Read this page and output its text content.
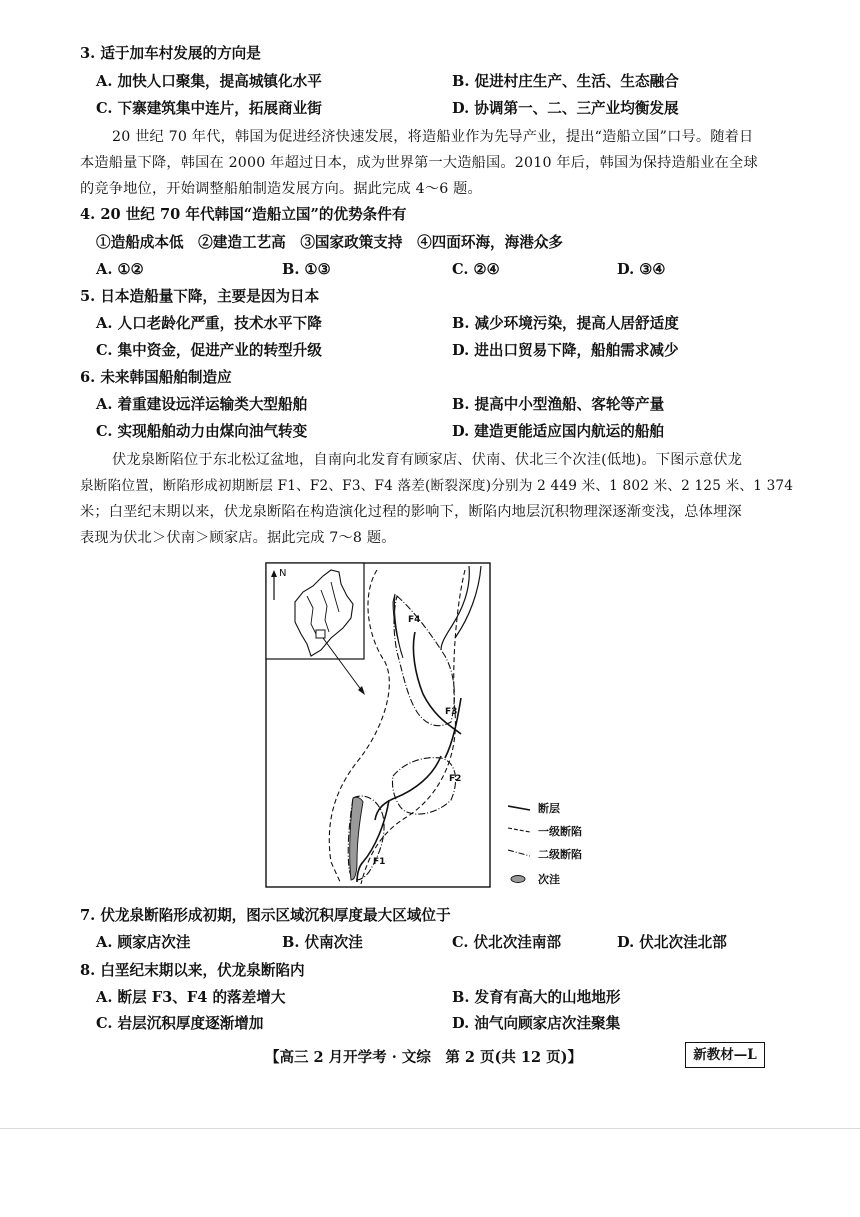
3. 适于加车村发展的方向是
A. 加快人口聚集，提高城镇化水平	B. 促进村庄生产、生活、生态融合
C. 下寨建筑集中连片，拓展商业街	D. 协调第一、二、三产业均衡发展
20 世纪 70 年代，韩国为促进经济快速发展，将造船业作为先导产业，提出“造船立国”口号。随着日
本造船量下降，韩国在 2000 年超过日本，成为世界第一大造船国。2010 年后，韩国为保持造船业在全球
的竞争地位，开始调整船舶制造发展方向。据此完成 4～6 题。
4. 20 世纪 70 年代韩国“造船立国”的优势条件有
①造船成本低　②建造工艺高　③国家政策支持　④四面环海，海港众多
A. ①②	B. ①③	C. ②④	D. ③④
5. 日本造船量下降，主要是因为日本
A. 人口老龄化严重，技术水平下降	B. 减少环境污染，提高人居舒适度
C. 集中资金，促进产业的转型升级	D. 进出口贸易下降，船舶需求减少
6. 未来韩国船舶制造应
A. 着重建设远洋运输类大型船舶	B. 提高中小型渔船、客轮等产量
C. 实现船舶动力由煤向油气转变	D. 建造更能适应国内航运的船舶
伏龙泉断陷位于东北松辽盆地，自南向北发育有顾家店、伏南、伏北三个次洼(低地)。下图示意伏龙
泉断陷位置，断陷形成初期断层 F1、F2、F3、F4 落差(断裂深度)分别为 2 449 米、1 802 米、2 125 米、1 374
米；白垩纪末期以来，伏龙泉断陷在构造演化过程的影响下，断陷内地层沉积物理深逐渐变浅，总体埋深
表现为伏北＞伏南＞顾家店。据此完成 7～8 题。
N
F4
F3
F2
F1
断层
一级断陷
二级断陷
次洼
7. 伏龙泉断陷形成初期，图示区域沉积厚度最大区域位于
A. 顾家店次洼	B. 伏南次洼	C. 伏北次洼南部	D. 伏北次洼北部
8. 白垩纪末期以来，伏龙泉断陷内
A. 断层 F3、F4 的落差增大	B. 发育有高大的山地地形
C. 岩层沉积厚度逐渐增加	D. 油气向顾家店次洼聚集
【高三 2 月开学考 · 文综　第 2 页(共 12 页)】	新教材—L
